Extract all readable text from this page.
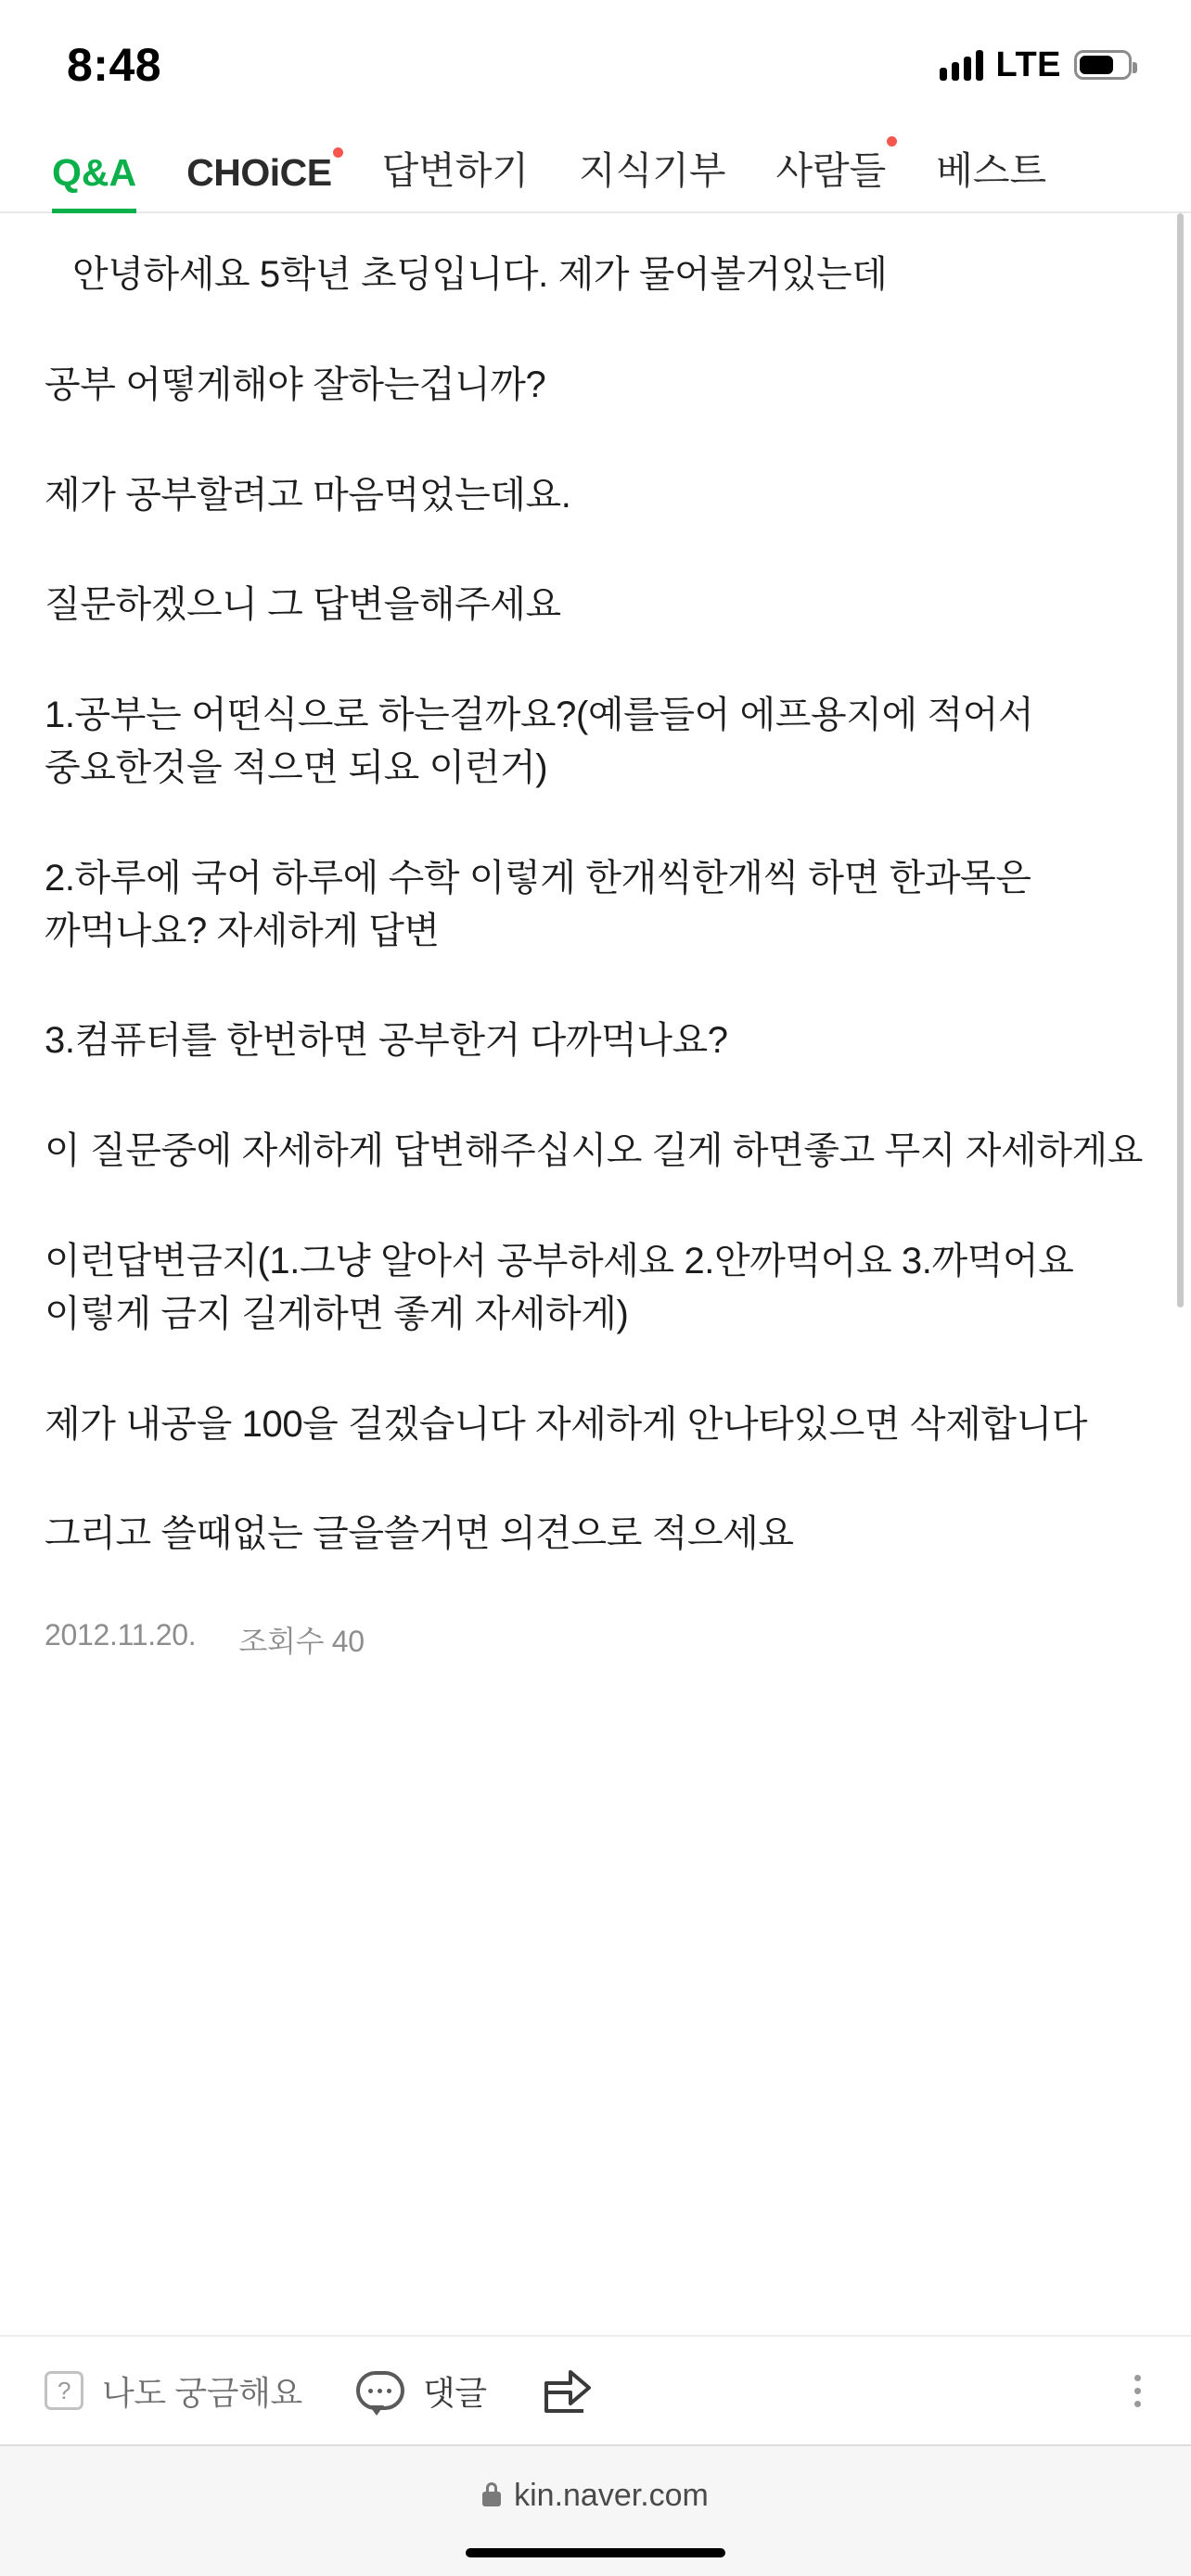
8:48	LTE
Q&A CHOiCE 답변하기 지식기부 사람들 베스트

안녕하세요 5학년 초딩입니다. 제가 물어볼거있는데

공부 어떻게해야 잘하는겁니까?

제가 공부할려고 마음먹었는데요.

질문하겠으니 그 답변을해주세요

1.공부는 어떤식으로 하는걸까요?(예를들어 에프용지에 적어서 중요한것을 적으면 되요 이런거)

2.하루에 국어 하루에 수학 이렇게 한개씩한개씩 하면 한과목은 까먹나요? 자세하게 답변

3.컴퓨터를 한번하면 공부한거 다까먹나요?

이 질문중에 자세하게 답변해주십시오 길게 하면좋고 무지 자세하게요

이런답변금지(1.그냥 알아서 공부하세요 2.안까먹어요 3.까먹어요 이렇게 금지 길게하면 좋게 자세하게)

제가 내공을 100을 걸겠습니다 자세하게 안나타있으면 삭제합니다

그리고 쓸때없는 글을쓸거면 의견으로 적으세요

2012.11.20. 조회수 40
? 나도 궁금해요	댓글
kin.naver.com
